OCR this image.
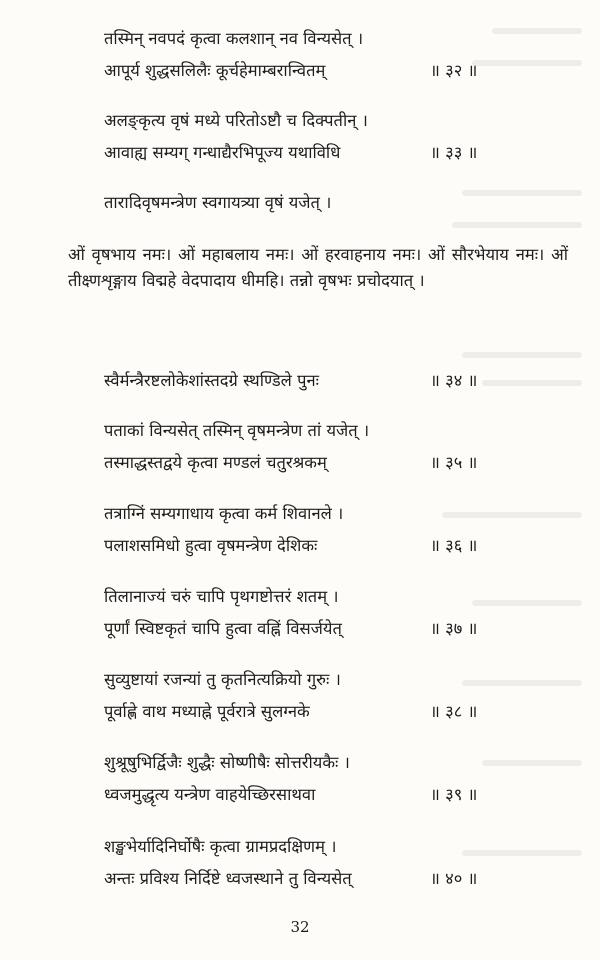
तस्मिन् नवपदं कृत्वा कलशान् नव विन्यसेत् ।
आपूर्य शुद्धसलिलैः कूर्चहेमाम्बरान्वितम्	॥ ३२ ॥
अलङ्कृत्य वृषं मध्ये परितोऽष्टौ च दिक्पतीन् ।
आवाह्य सम्यग् गन्धाद्यैरभिपूज्य यथाविधि	॥ ३३ ॥
तारादिवृषमन्त्रेण स्वगायत्र्या वृषं यजेत् ।
ओं वृषभाय नमः। ओं महाबलाय नमः। ओं हरवाहनाय नमः। ओं सौरभेयाय नमः। ओं तीक्ष्णशृङ्गाय विद्महे वेदपादाय धीमहि। तन्नो वृषभः प्रचोदयात् ।
स्वैर्मन्त्रैरष्टलोकेशांस्तदग्रे स्थण्डिले पुनः	॥ ३४ ॥
पताकां विन्यसेत् तस्मिन् वृषमन्त्रेण तां यजेत् ।
तस्माद्धस्तद्वये कृत्वा मण्डलं चतुरश्रकम्	॥ ३५ ॥
तत्राग्निं सम्यगाधाय कृत्वा कर्म शिवानले ।
पलाशसमिधो हुत्वा वृषमन्त्रेण देशिकः	॥ ३६ ॥
तिलानाज्यं चरुं चापि पृथगष्टोत्तरं शतम् ।
पूर्णां स्विष्टकृतं चापि हुत्वा वह्निं विसर्जयेत्	॥ ३७ ॥
सुव्युष्टायां रजन्यां तु कृतनित्यक्रियो गुरुः ।
पूर्वाह्णे वाथ मध्याह्ने पूर्वरात्रे सुलग्नके	॥ ३८ ॥
शुश्रूषुभिर्द्विजैः शुद्धैः सोष्णीषैः सोत्तरीयकैः ।
ध्वजमुद्धृत्य यन्त्रेण वाहयेच्छिरसाथवा	॥ ३९ ॥
शङ्खभेर्यादिनिर्घोषैः कृत्वा ग्रामप्रदक्षिणम् ।
अन्तः प्रविश्य निर्दिष्टे ध्वजस्थाने तु विन्यसेत्	॥ ४० ॥
32
